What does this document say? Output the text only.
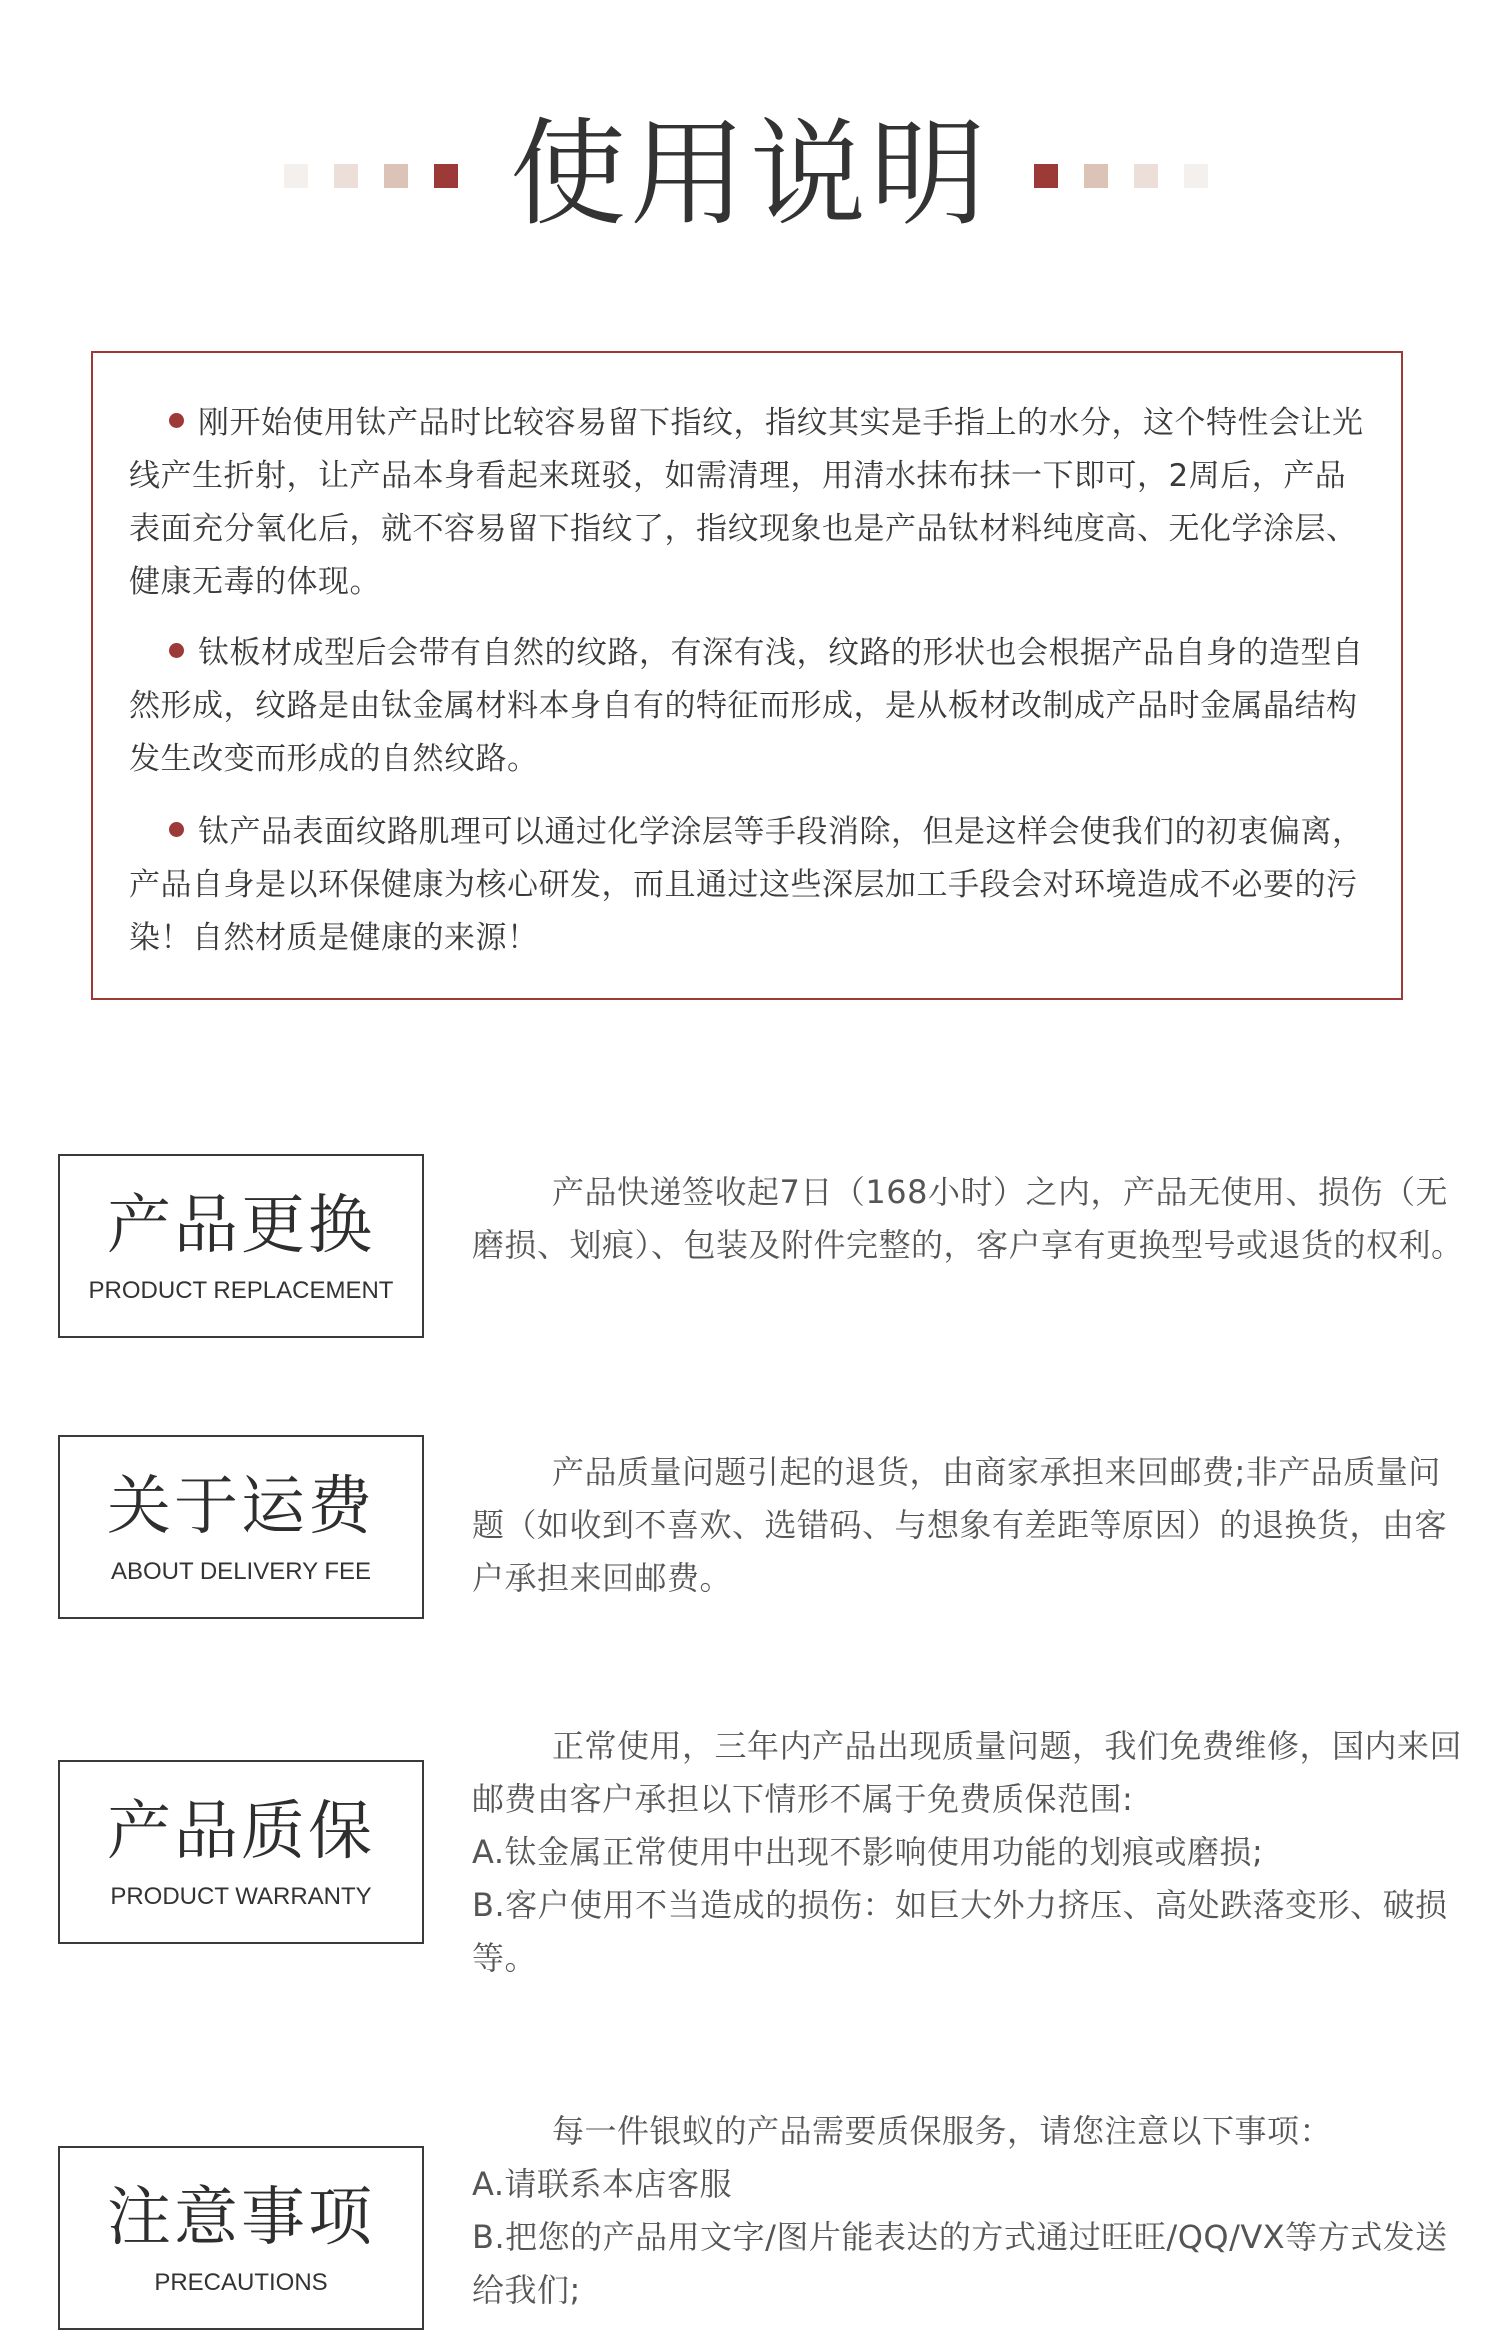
使用说明
刚开始使用钛产品时比较容易留下指纹，指纹其实是手指上的水分，这个特性会让光线产生折射，让产品本身看起来斑驳，如需清理，用清水抹布抹一下即可，2周后，产品表面充分氧化后，就不容易留下指纹了，指纹现象也是产品钛材料纯度高、无化学涂层、健康无毒的体现。
钛板材成型后会带有自然的纹路，有深有浅，纹路的形状也会根据产品自身的造型自然形成，纹路是由钛金属材料本身自有的特征而形成，是从板材改制成产品时金属晶结构发生改变而形成的自然纹路。
钛产品表面纹路肌理可以通过化学涂层等手段消除，但是这样会使我们的初衷偏离，产品自身是以环保健康为核心研发，而且通过这些深层加工手段会对环境造成不必要的污染！自然材质是健康的来源！
产品更换
PRODUCT REPLACEMENT
产品快递签收起7日（168小时）之内，产品无使用、损伤（无磨损、划痕）、包装及附件完整的，客户享有更换型号或退货的权利。
关于运费
ABOUT DELIVERY FEE
产品质量问题引起的退货，由商家承担来回邮费;非产品质量问题（如收到不喜欢、选错码、与想象有差距等原因）的退换货，由客户承担来回邮费。
产品质保
PRODUCT WARRANTY
正常使用，三年内产品出现质量问题，我们免费维修，国内来回邮费由客户承担以下情形不属于免费质保范围:
A.钛金属正常使用中出现不影响使用功能的划痕或磨损;
B.客户使用不当造成的损伤：如巨大外力挤压、高处跌落变形、破损等。
注意事项
PRECAUTIONS
每一件银蚁的产品需要质保服务，请您注意以下事项：
A.请联系本店客服
B.把您的产品用文字/图片能表达的方式通过旺旺/QQ/VX等方式发送给我们;
